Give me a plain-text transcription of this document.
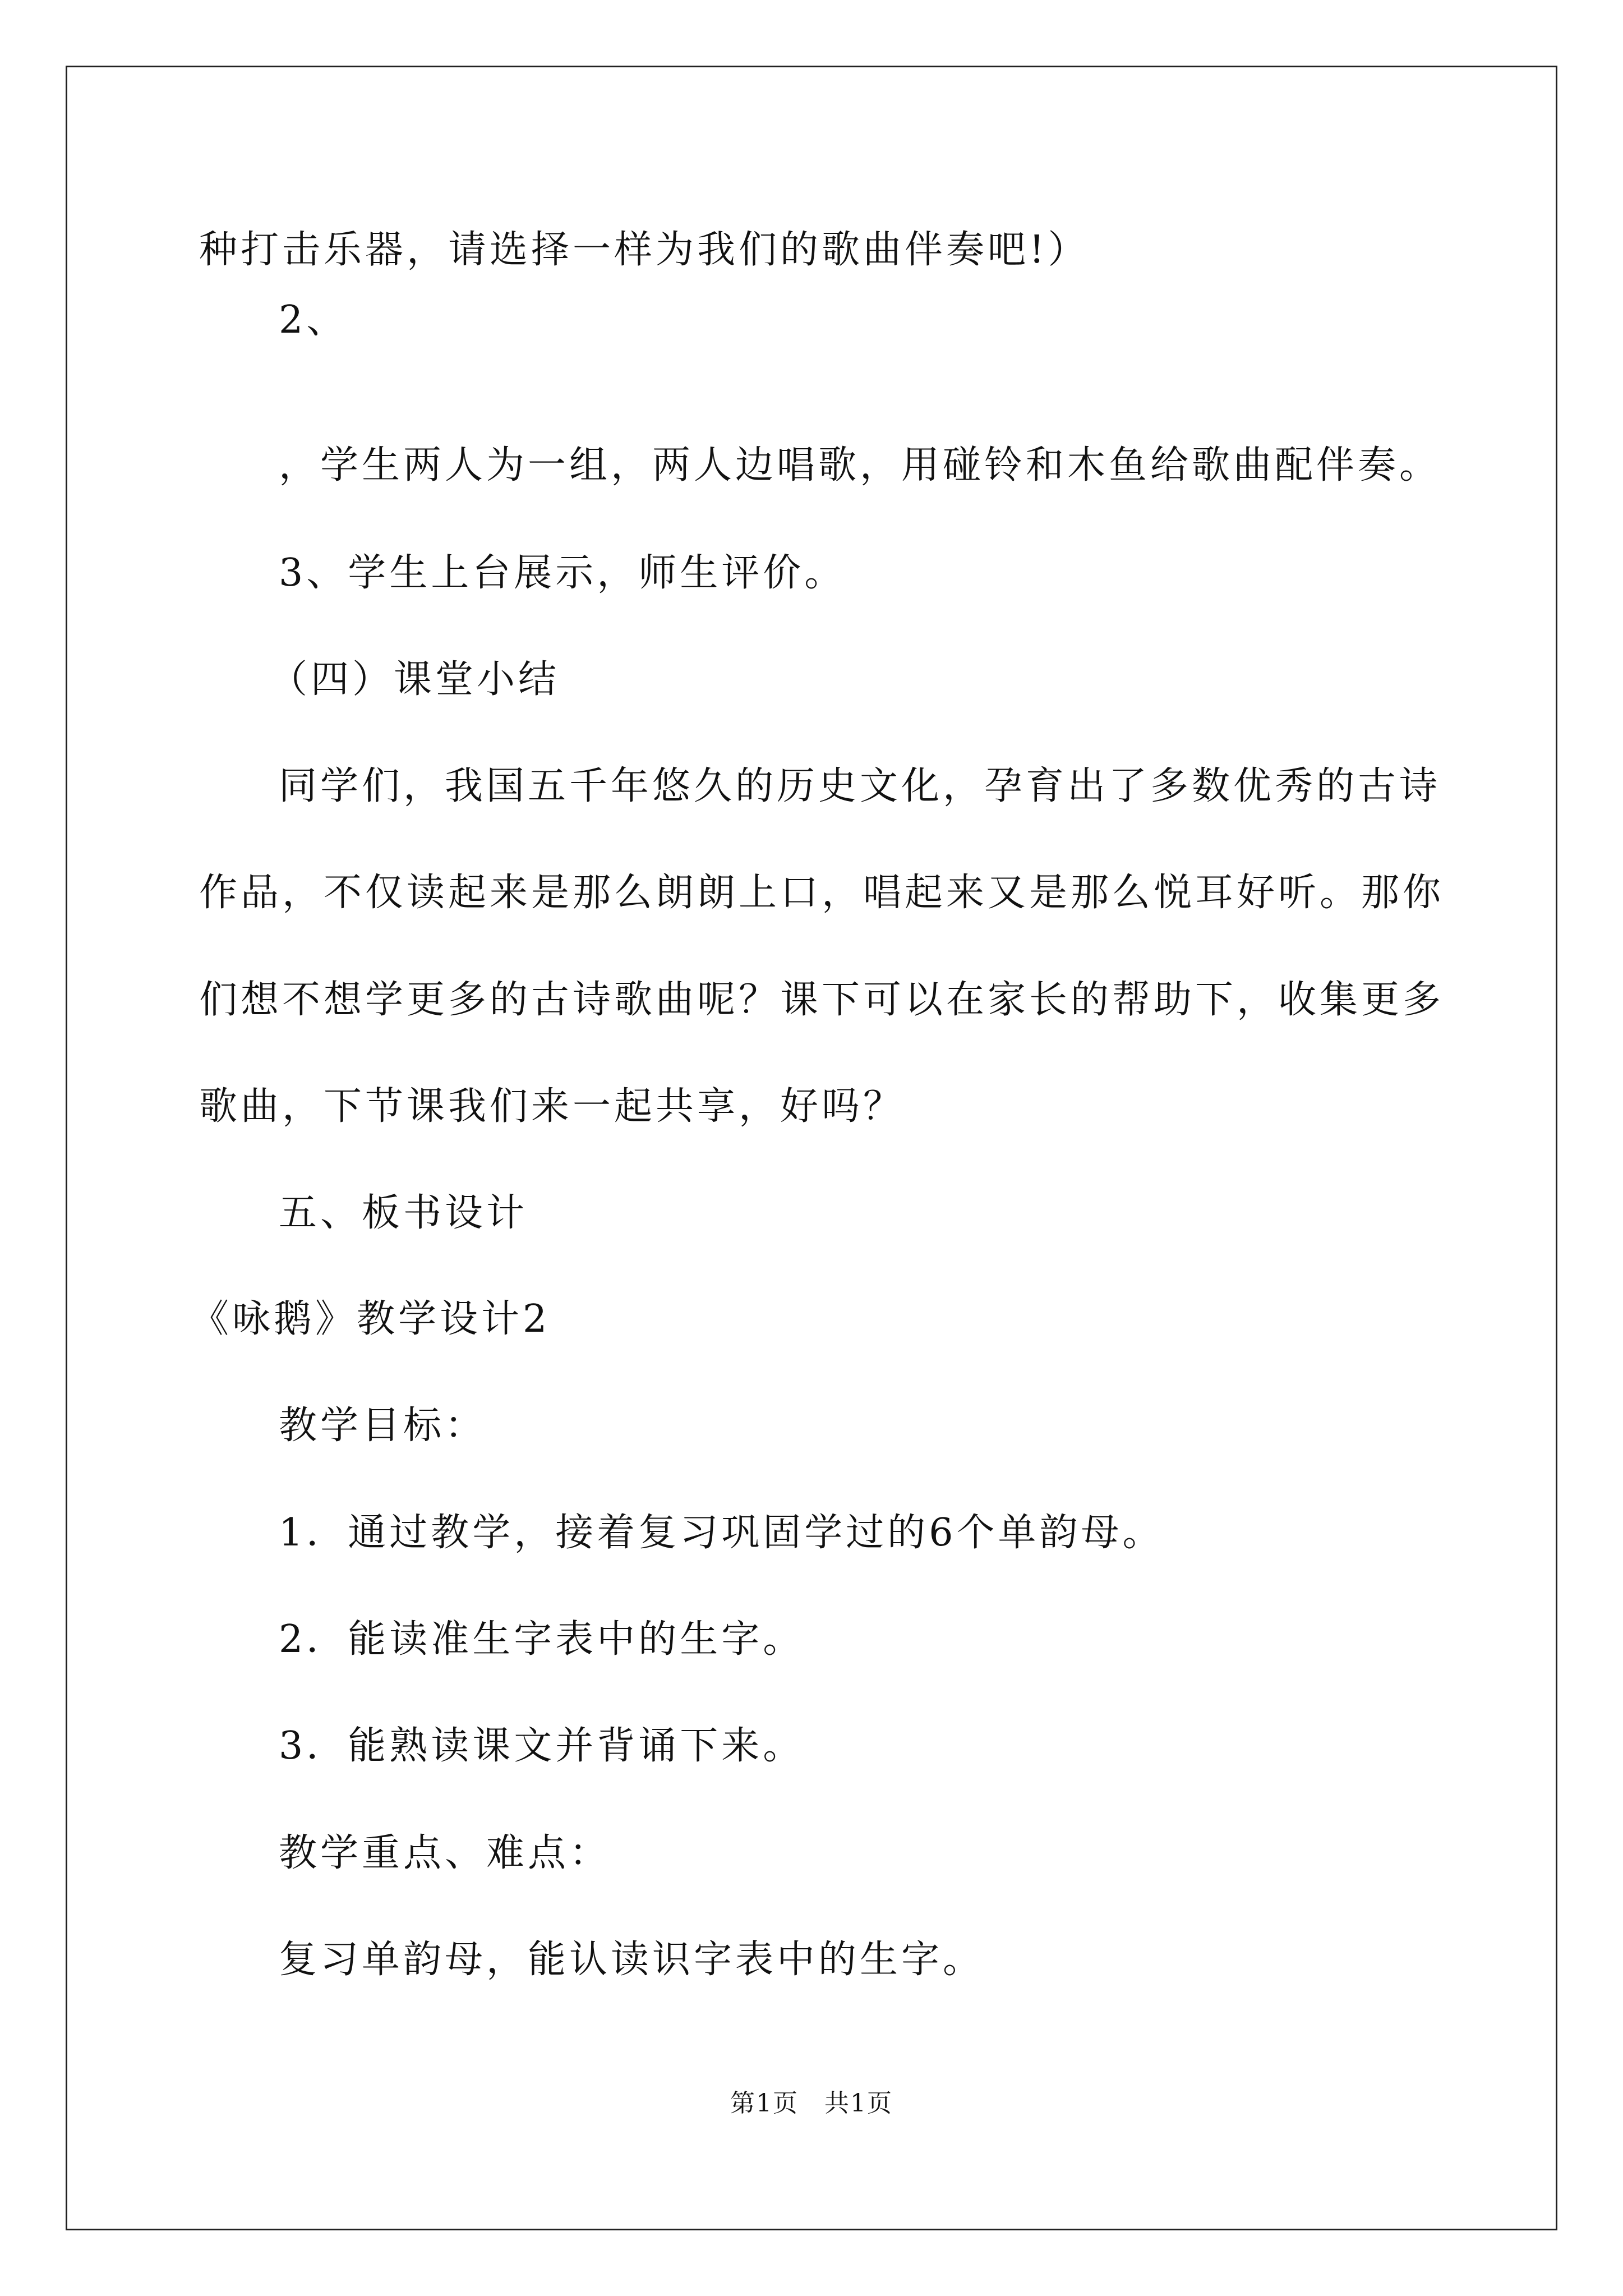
种打击乐器，请选择一样为我们的歌曲伴奏吧!）
2、
，学生两人为一组，两人边唱歌，用碰铃和木鱼给歌曲配伴奏。
3、学生上台展示，师生评价。
（四）课堂小结
同学们，我国五千年悠久的历史文化，孕育出了多数优秀的古诗
作品，不仅读起来是那么朗朗上口，唱起来又是那么悦耳好听。那你
们想不想学更多的古诗歌曲呢？课下可以在家长的帮助下，收集更多
歌曲，下节课我们来一起共享，好吗？
五、板书设计
《咏鹅》教学设计2
教学目标：
1．通过教学，接着复习巩固学过的6个单韵母。
2．能读准生字表中的生字。
3．能熟读课文并背诵下来。
教学重点、难点：
复习单韵母，能认读识字表中的生字。
第1页　共1页
